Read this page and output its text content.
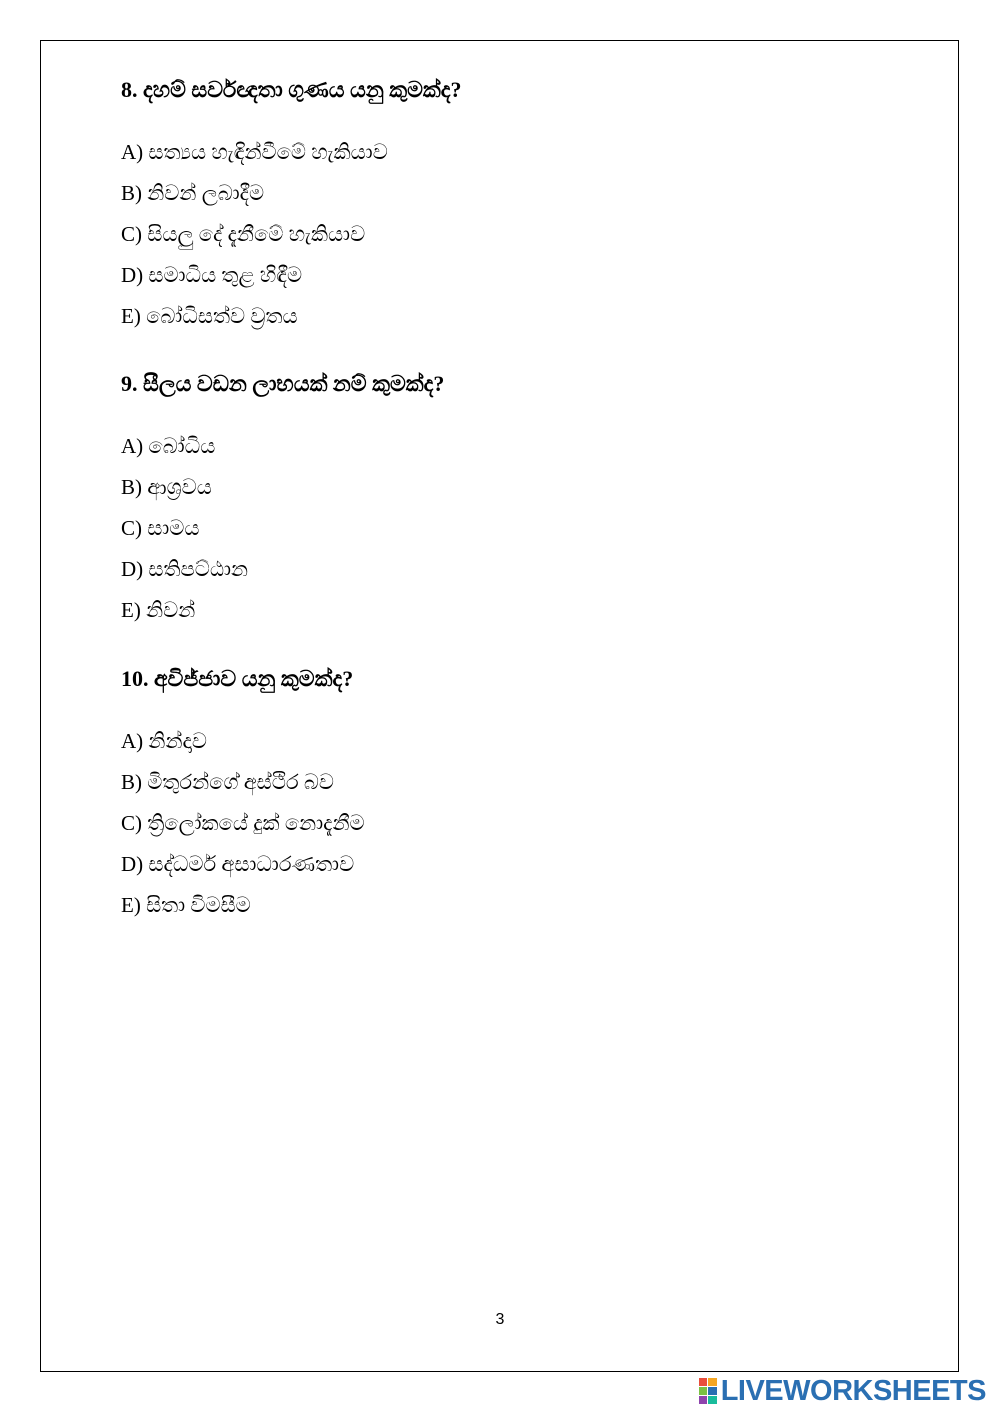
8. දහම් සර්වඥතා ගුණය යනු කුමක්ද?

A) සත්‍යය හැඳින්වීමේ හැකියාව
B) නිවන් ලබාදීම
C) සියලු දේ දැනීමේ හැකියාව
D) සමාධිය තුළ හිඳීම
E) බෝධිසත්ව ව්‍රතය

9. සීලය වඩන ලාභයක් නම් කුමක්ද?

A) බෝධිය
B) ආශ්‍රවය
C) සාමය
D) සතිපට්ඨාන
E) නිවන්

10. අවිජ්ජාව යනු කුමක්ද?

A) නින්දාව
B) මිතුරන්ගේ අස්ථිර බව
C) ත්‍රිලෝකයේ දුක් නොදැනීම
D) සද්ධර්ම අසාධාරණතාව
E) සිතා විමසීම
3
LIVEWORKSHEETS
